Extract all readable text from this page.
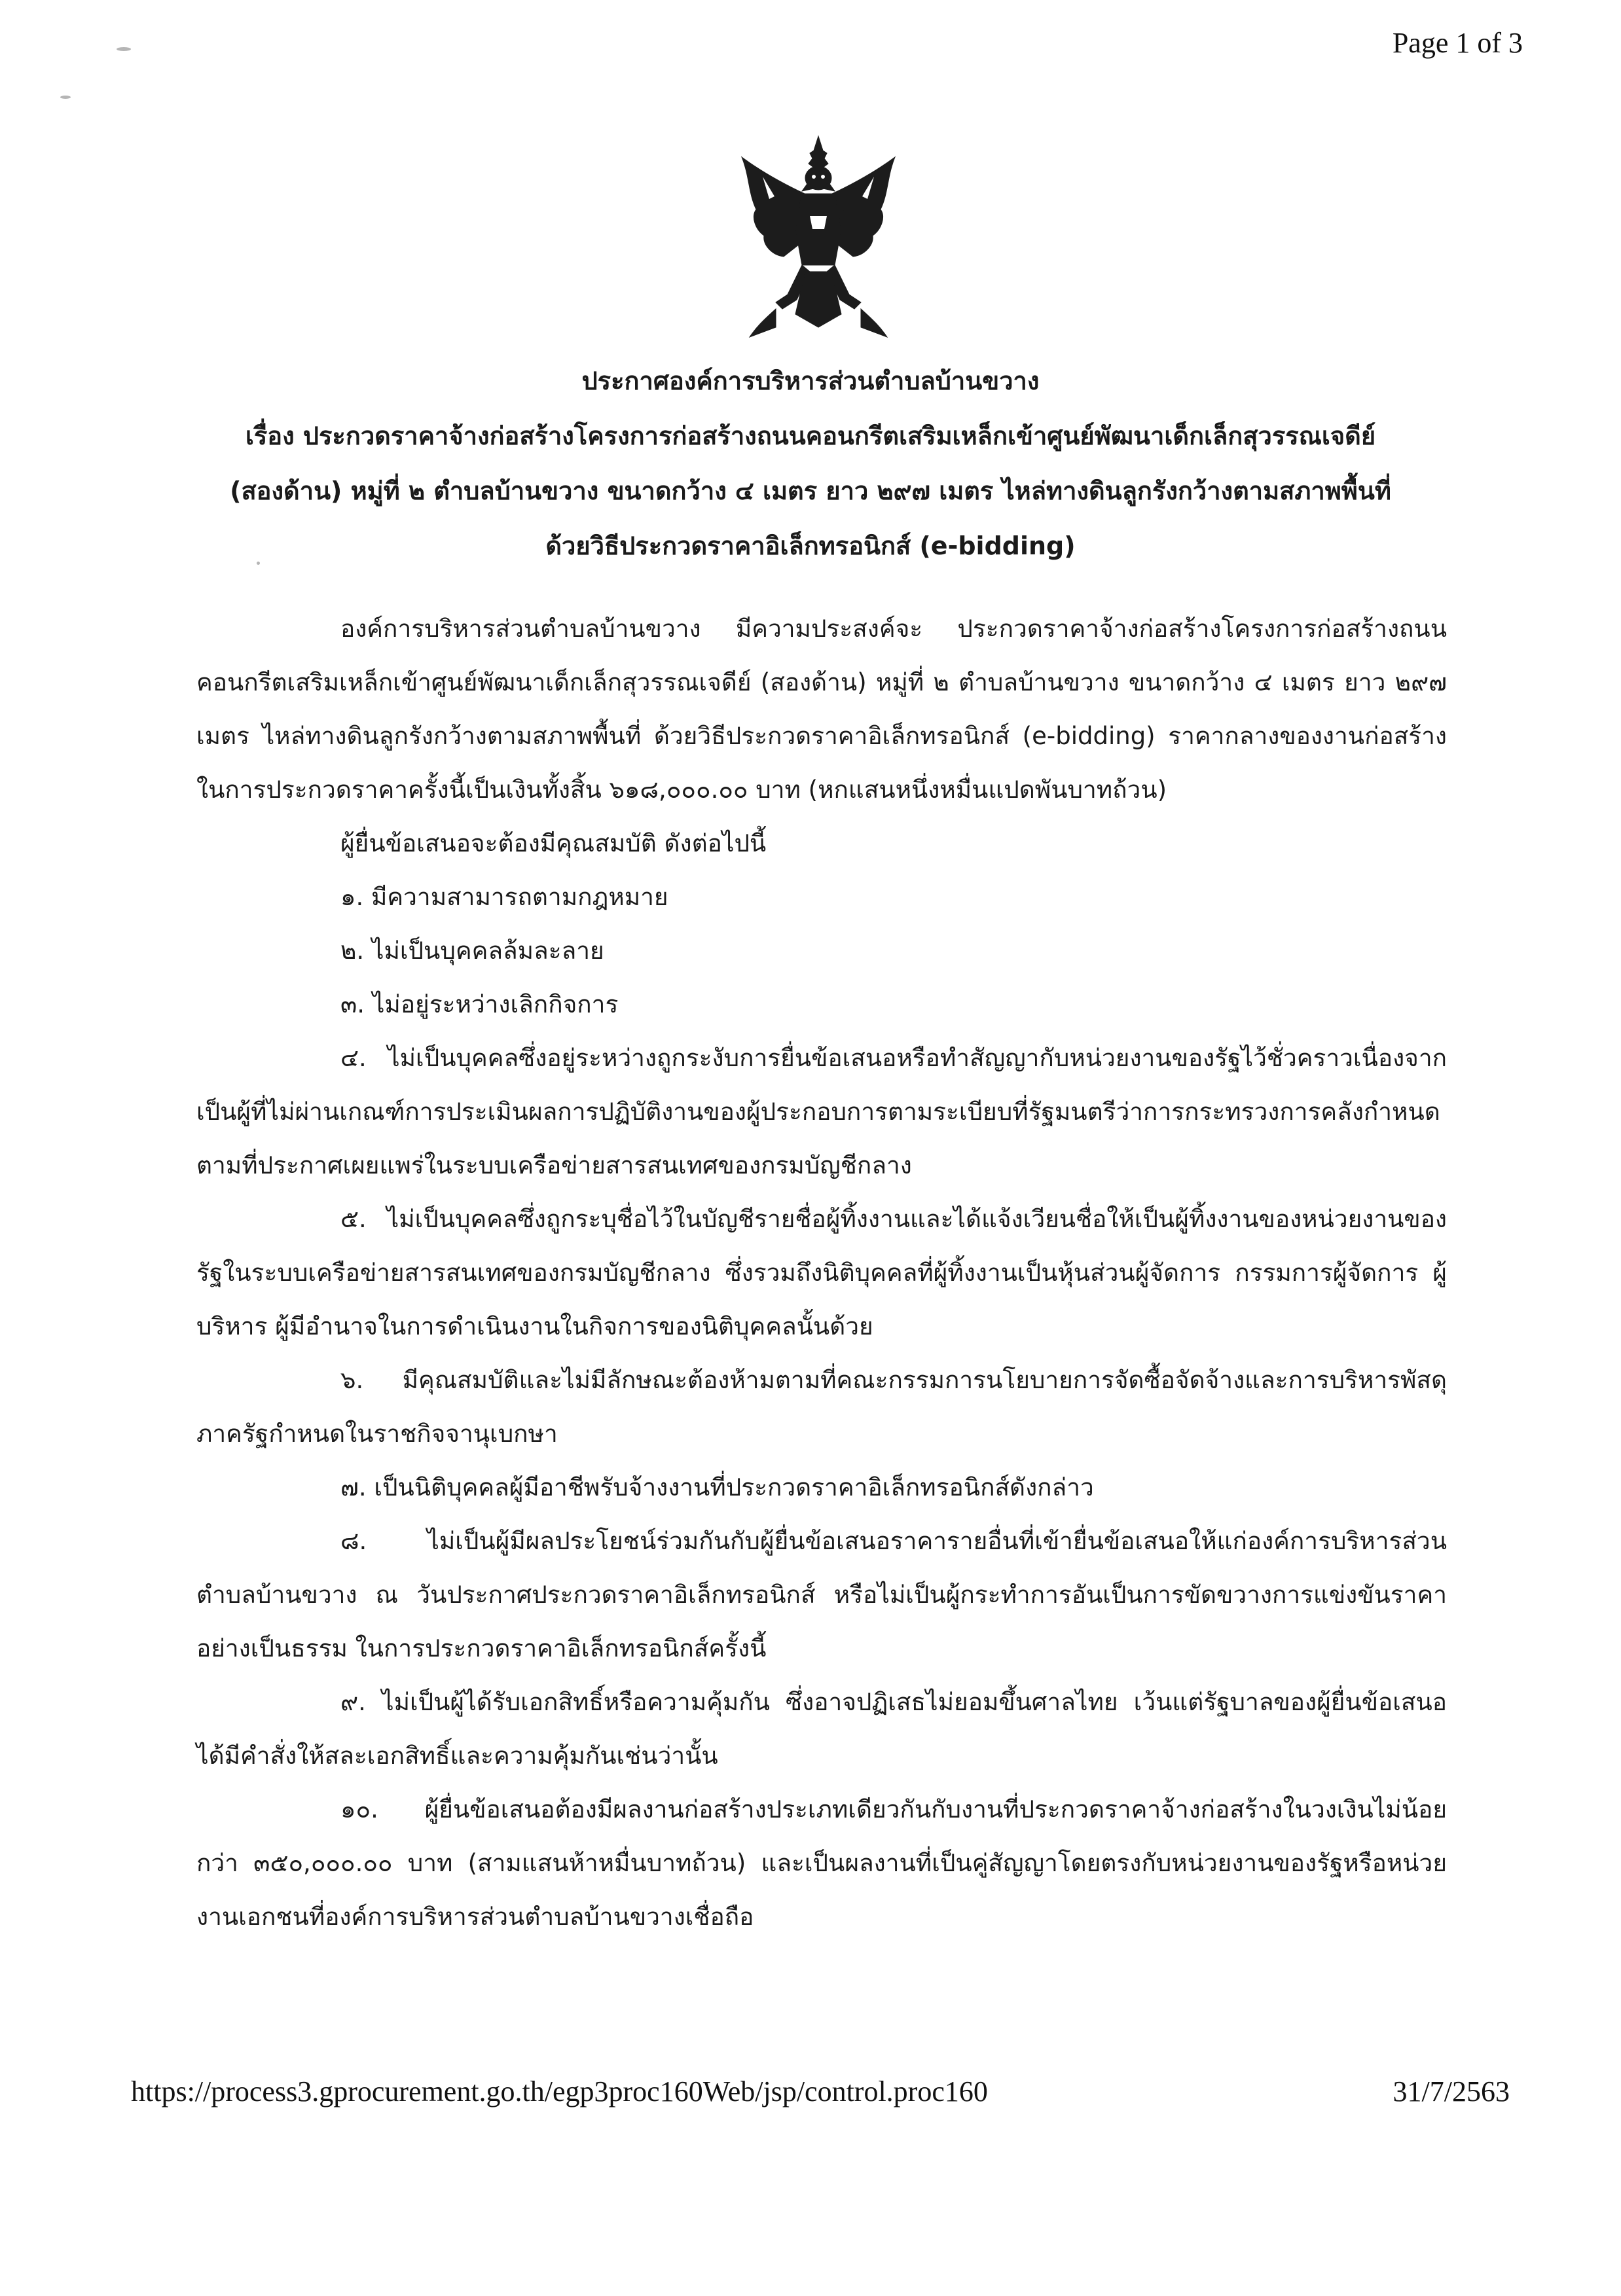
Page 1 of 3
ประกาศองค์การบริหารส่วนตำบลบ้านขวาง
เรื่อง ประกวดราคาจ้างก่อสร้างโครงการก่อสร้างถนนคอนกรีตเสริมเหล็กเข้าศูนย์พัฒนาเด็กเล็กสุวรรณเจดีย์
(สองด้าน) หมู่ที่ ๒ ตำบลบ้านขวาง ขนาดกว้าง ๔ เมตร ยาว ๒๙๗ เมตร ไหล่ทางดินลูกรังกว้างตามสภาพพื้นที่
ด้วยวิธีประกวดราคาอิเล็กทรอนิกส์ (e-bidding)

องค์การบริหารส่วนตำบลบ้านขวาง มีความประสงค์จะ ประกวดราคาจ้างก่อสร้างโครงการก่อสร้างถนนคอนกรีตเสริมเหล็กเข้าศูนย์พัฒนาเด็กเล็กสุวรรณเจดีย์ (สองด้าน) หมู่ที่ ๒ ตำบลบ้านขวาง ขนาดกว้าง ๔ เมตร ยาว ๒๙๗ เมตร ไหล่ทางดินลูกรังกว้างตามสภาพพื้นที่ ด้วยวิธีประกวดราคาอิเล็กทรอนิกส์ (e-bidding) ราคากลางของงานก่อสร้างในการประกวดราคาครั้งนี้เป็นเงินทั้งสิ้น ๖๑๘,๐๐๐.๐๐ บาท (หกแสนหนึ่งหมื่นแปดพันบาทถ้วน)

ผู้ยื่นข้อเสนอจะต้องมีคุณสมบัติ ดังต่อไปนี้

๑. มีความสามารถตามกฎหมาย

๒. ไม่เป็นบุคคลล้มละลาย

๓. ไม่อยู่ระหว่างเลิกกิจการ

๔. ไม่เป็นบุคคลซึ่งอยู่ระหว่างถูกระงับการยื่นข้อเสนอหรือทำสัญญากับหน่วยงานของรัฐไว้ชั่วคราวเนื่องจากเป็นผู้ที่ไม่ผ่านเกณฑ์การประเมินผลการปฏิบัติงานของผู้ประกอบการตามระเบียบที่รัฐมนตรีว่าการกระทรวงการคลังกำหนดตามที่ประกาศเผยแพร่ในระบบเครือข่ายสารสนเทศของกรมบัญชีกลาง

๕. ไม่เป็นบุคคลซึ่งถูกระบุชื่อไว้ในบัญชีรายชื่อผู้ทิ้งงานและได้แจ้งเวียนชื่อให้เป็นผู้ทิ้งงานของหน่วยงานของรัฐในระบบเครือข่ายสารสนเทศของกรมบัญชีกลาง ซึ่งรวมถึงนิติบุคคลที่ผู้ทิ้งงานเป็นหุ้นส่วนผู้จัดการ กรรมการผู้จัดการ ผู้บริหาร ผู้มีอำนาจในการดำเนินงานในกิจการของนิติบุคคลนั้นด้วย

๖. มีคุณสมบัติและไม่มีลักษณะต้องห้ามตามที่คณะกรรมการนโยบายการจัดซื้อจัดจ้างและการบริหารพัสดุภาครัฐกำหนดในราชกิจจานุเบกษา

๗. เป็นนิติบุคคลผู้มีอาชีพรับจ้างงานที่ประกวดราคาอิเล็กทรอนิกส์ดังกล่าว

๘. ไม่เป็นผู้มีผลประโยชน์ร่วมกันกับผู้ยื่นข้อเสนอราคารายอื่นที่เข้ายื่นข้อเสนอให้แก่องค์การบริหารส่วนตำบลบ้านขวาง ณ วันประกาศประกวดราคาอิเล็กทรอนิกส์ หรือไม่เป็นผู้กระทำการอันเป็นการขัดขวางการแข่งขันราคาอย่างเป็นธรรม ในการประกวดราคาอิเล็กทรอนิกส์ครั้งนี้

๙. ไม่เป็นผู้ได้รับเอกสิทธิ์หรือความคุ้มกัน ซึ่งอาจปฏิเสธไม่ยอมขึ้นศาลไทย เว้นแต่รัฐบาลของผู้ยื่นข้อเสนอได้มีคำสั่งให้สละเอกสิทธิ์และความคุ้มกันเช่นว่านั้น

๑๐. ผู้ยื่นข้อเสนอต้องมีผลงานก่อสร้างประเภทเดียวกันกับงานที่ประกวดราคาจ้างก่อสร้างในวงเงินไม่น้อยกว่า ๓๕๐,๐๐๐.๐๐ บาท (สามแสนห้าหมื่นบาทถ้วน) และเป็นผลงานที่เป็นคู่สัญญาโดยตรงกับหน่วยงานของรัฐหรือหน่วยงานเอกชนที่องค์การบริหารส่วนตำบลบ้านขวางเชื่อถือ

https://process3.gprocurement.go.th/egp3proc160Web/jsp/control.proc160	31/7/2563
